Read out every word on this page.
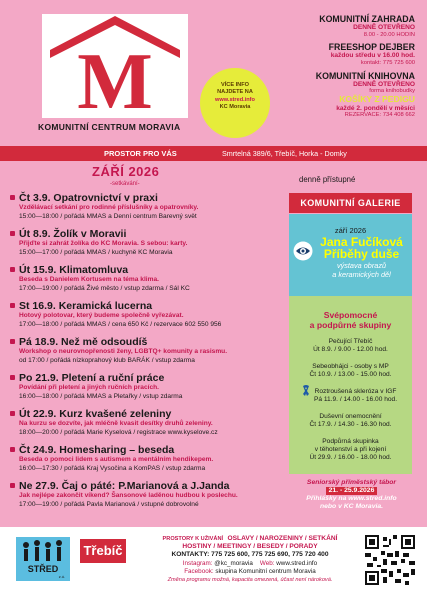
M
KOMUNITNÍ CENTRUM MORAVIA
VÍCE INFO
NAJDETE NA
www.stred.info
KC Moravia
KOMUNITNÍ ZAHRADA
DENNĚ OTEVŘENO
8.00 - 20.00 HODIN
FREESHOP DEJBER
každou středu v 16.00 hod.
kontakt: 775 725 600
KOMUNITNÍ KNIHOVNA
DENNĚ OTEVŘENO
forma knihobudky
KOŠÍKY Z PEDIGU
každé 2. pondělí v měsíci
REZERVACE: 734 408 662
PROSTOR PRO VÁS	Smrtelná 389/6, Třebíč, Horka - Domky
ZÁŘÍ 2026
-setkávání-
Čt 3.9. Opatrovnictví v praxi
Vzdělávací setkání pro rodinné příslušníky a opatrovníky.
15:00—18:00 / pořádá MMAS a Denní centrum Barevný svět
Út 8.9. Žolík v Moravii
Přijďte si zahrát žolíka do KC Moravia. S sebou: karty.
15:00—17:00 / pořádá MMAS / kuchyně KC Moravia
Út 15.9. Klimatomluva
Beseda s Danielem Kortusem na téma klima.
17:00—19:00 / pořádá Živé město / vstup zdarma / Sál KC
St 16.9. Keramická lucerna
Hotový polotovar, který budeme společně vyřezávat.
17:00—18:00 / pořádá MMAS / cena 650 Kč / rezervace 602 550 956
Pá 18.9. Než mě odsoudíš
Workshop o neurovnopřenosti ženy, LGBTQ+ komunity a rasismu.
od 17:00 / pořádá nízkoprahový klub BARÁK / vstup zdarma
Po 21.9. Pletení a ruční práce
Povídání při pletení a jiných ručních pracích.
16:00—18:00 / pořádá MMAS a Pletařky / vstup zdarma
Út 22.9. Kurz kvašené zeleniny
Na kurzu se dozvíte, jak mléčně kvasit desítky druhů zeleniny.
18:00—20:00 / pořádá Marie Kyselová / registrace www.kyselove.cz
Čt 24.9. Homesharing – beseda
Beseda o pomoci lidem s autismem a mentálním hendikepem.
16:00—17:30 / pořádá Kraj Vysočina a KomPAS / vstup zdarma
Ne 27.9. Čaj o páté: P.Marianová a J.Janda
Jak nejlépe zakončit víkend? Šansonové laděnou hudbou k poslechu.
17:00—19:00 / pořádá Pavla Marianová / vstupné dobrovolné
denně přístupné
KOMUNITNÍ GALERIE
září 2026
Jana Fučíková
Příběhy duše
výstava obrazů
a keramických děl
Svépomocné
a podpůrné skupiny
Pečující Třebíč
Út 8.9. / 9.00 - 12.00 hod.
Sebeobhájci - osoby s MP
Čt 10.9. / 13.00 - 15.00 hod.
Roztroušená skleróza v IGF
Pá 11.9. / 14.00 - 16.00 hod.
Duševní onemocnění
Čt 17.9. / 14.30 - 16.30 hod.
Podpůrná skupinka
v těhotenství a při kojení
Út 29.9. / 16.00 - 18.00 hod.
Seniorský příměstský tábor
21. - 25.9.2026
Přihlášky na www.stred.info
nebo v KC Moravia.
STŘED
z.ú.
Třebíč
PROSTORY K UŽIVÁNÍ OSLAVY / NAROZENINY / SETKÁNÍ
HOSTINY / MEETINGY / BESEDY / PORADY
KONTAKTY: 775 725 600, 775 725 690, 775 720 400
Instagram: @kc_moravia Web: www.stred.info
Facebook: skupina Komunitní centrum Moravia
Změna programu možná, kapacita omezená, účast není nároková.
